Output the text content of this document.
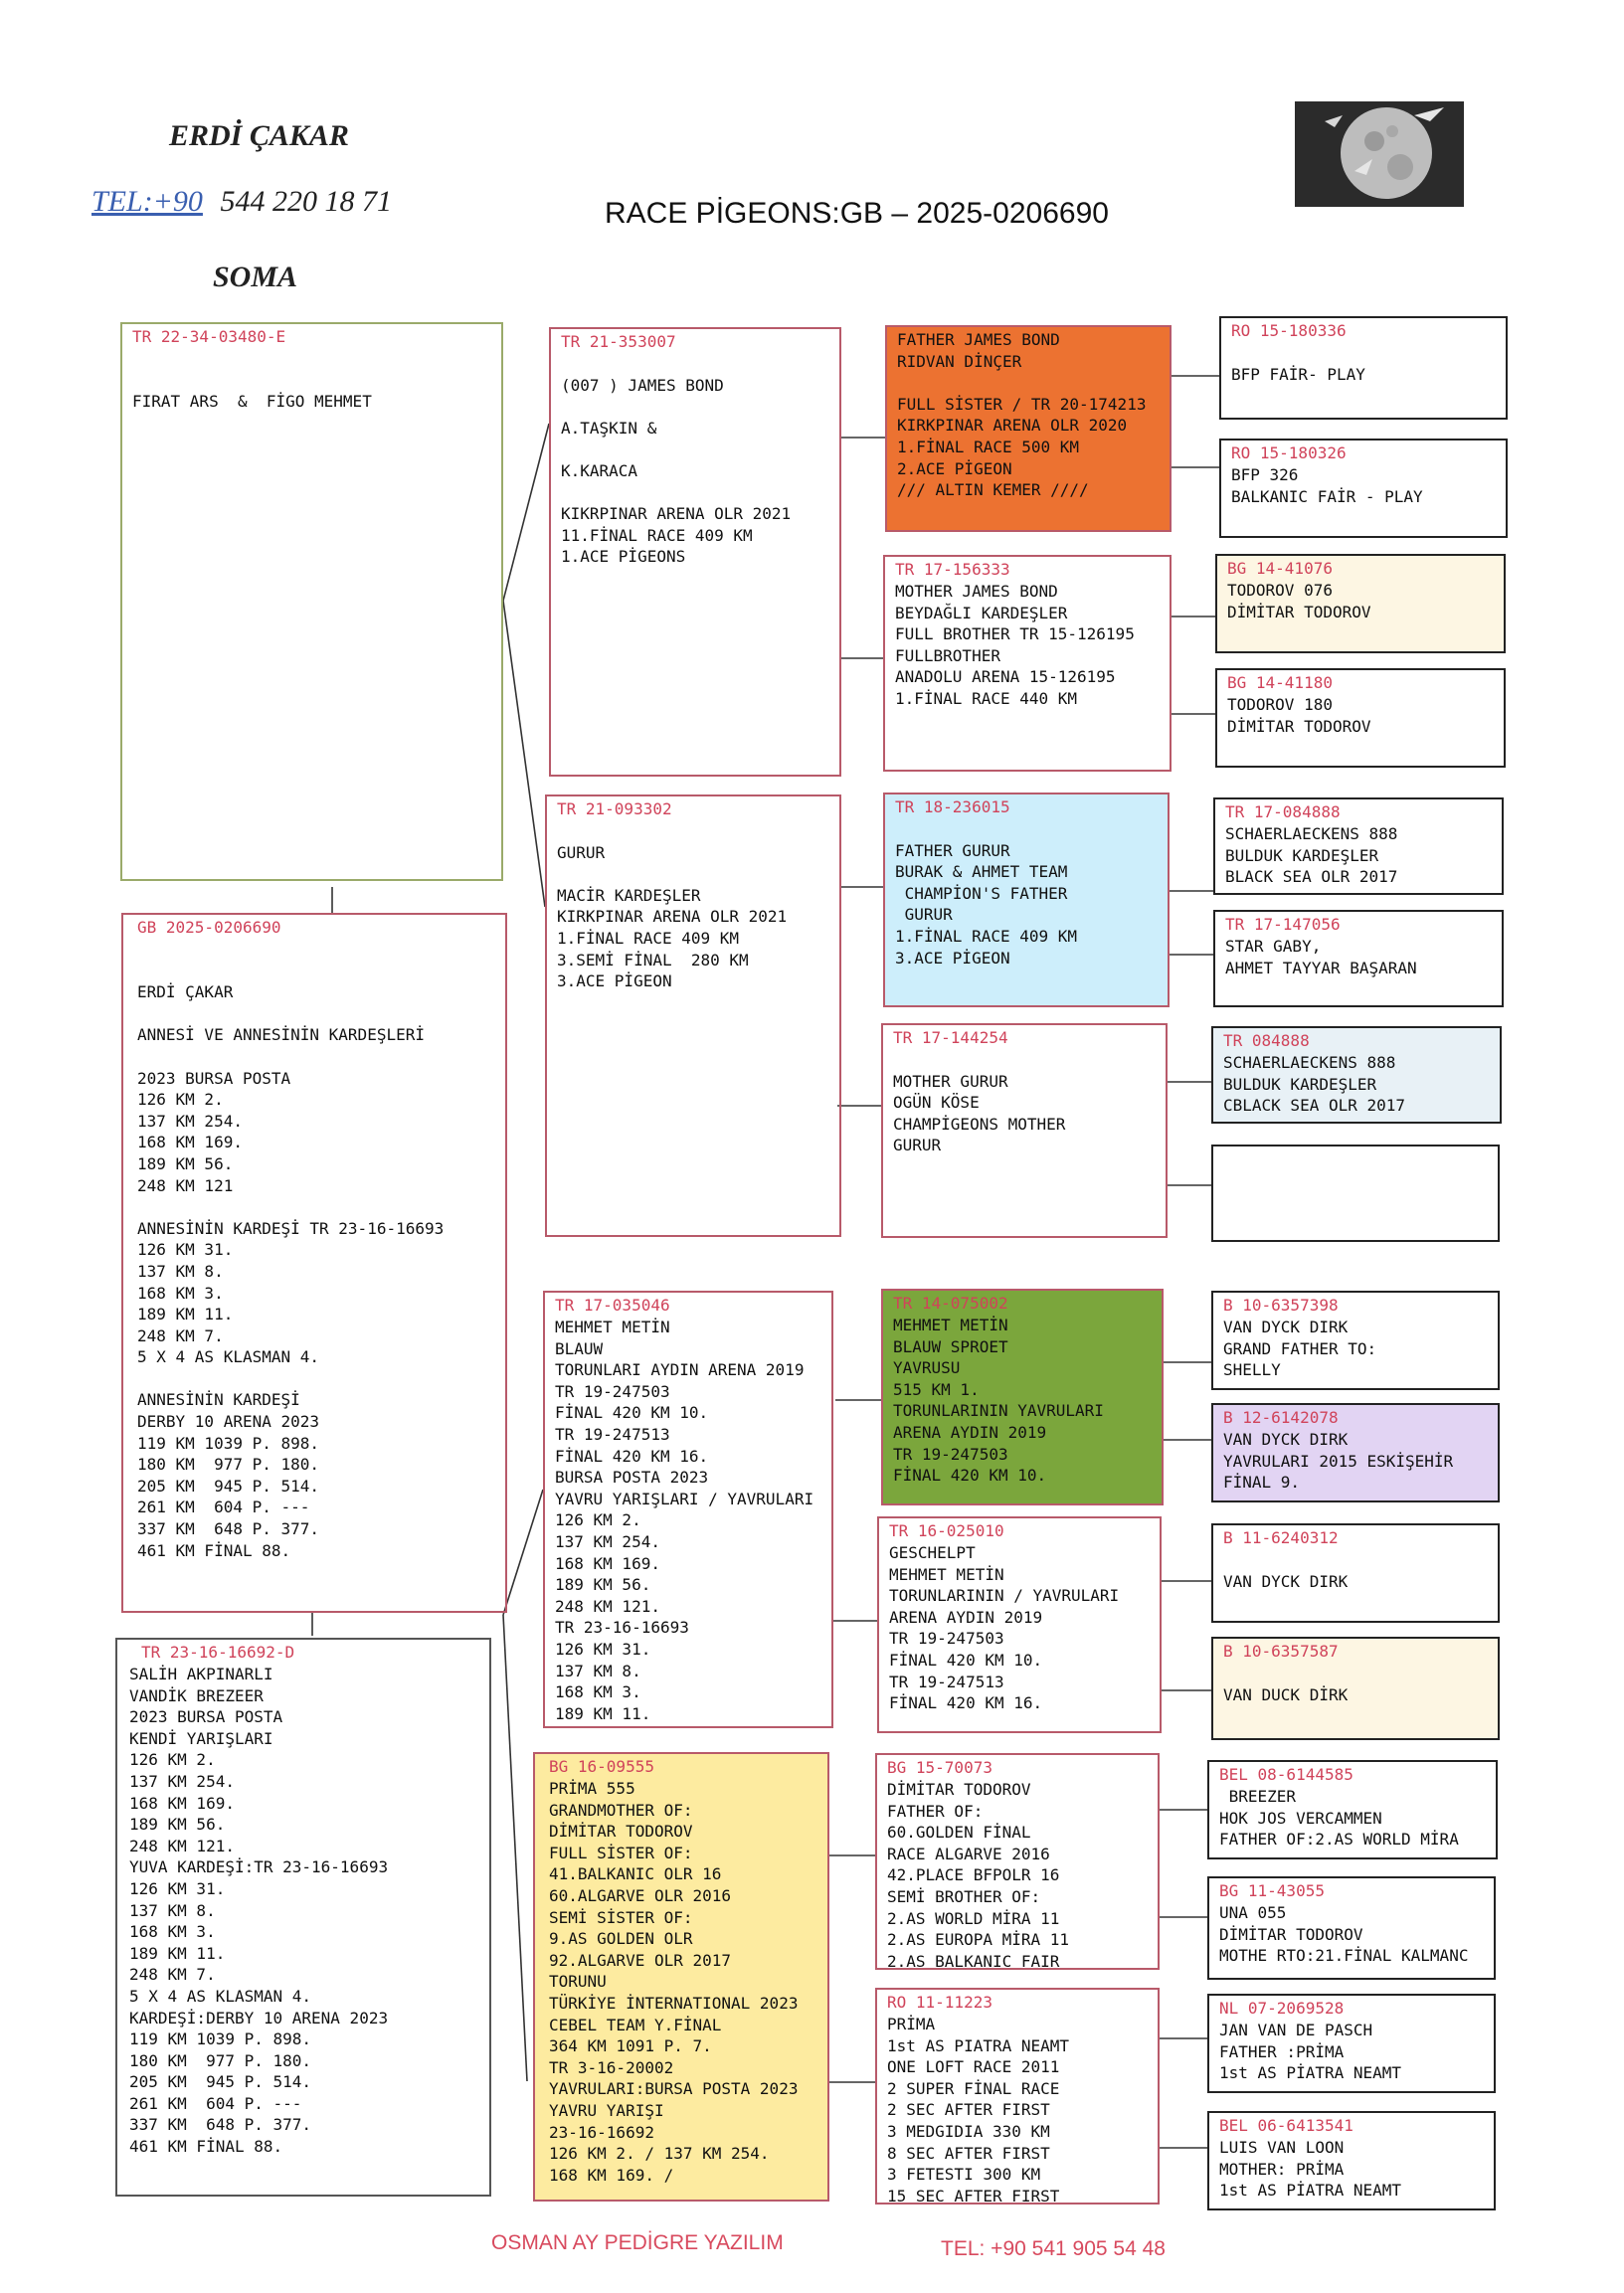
ERDİ ÇAKAR
TEL:+90 544 220 18 71
SOMA
RACE PİGEONS:GB – 2025-0206690
TR 22-34-03480-E

FIRAT ARS  &  FİGO MEHMET
GB 2025-0206690

ERDİ ÇAKAR

ANNESİ VE ANNESİNİN KARDEŞLERİ

2023 BURSA POSTA
126 KM 2.
137 KM 254.
168 KM 169.
189 KM 56.
248 KM 121

ANNESİNİN KARDEŞİ TR 23-16-16693
126 KM 31.
137 KM 8.
168 KM 3.
189 KM 11.
248 KM 7.
5 X 4 AS KLASMAN 4.

ANNESİNİN KARDEŞİ
DERBY 10 ARENA 2023
119 KM 1039 P. 898.
180 KM  977 P. 180.
205 KM  945 P. 514.
261 KM  604 P. ---
337 KM  648 P. 377.
461 KM FİNAL 88.
TR 23-16-16692-D
SALİH AKPINARLI
VANDİK BREZEER
2023 BURSA POSTA
KENDİ YARIŞLARI
126 KM 2.
137 KM 254.
168 KM 169.
189 KM 56.
248 KM 121.
YUVA KARDEŞİ:TR 23-16-16693
126 KM 31.
137 KM 8.
168 KM 3.
189 KM 11.
248 KM 7.
5 X 4 AS KLASMAN 4.
KARDEŞİ:DERBY 10 ARENA 2023
119 KM 1039 P. 898.
180 KM  977 P. 180.
205 KM  945 P. 514.
261 KM  604 P. ---
337 KM  648 P. 377.
461 KM FİNAL 88.
TR 21-353007

(007 ) JAMES BOND

A.TAŞKIN &

K.KARACA

KIKRPINAR ARENA OLR 2021
11.FİNAL RACE 409 KM
1.ACE PİGEONS
TR 21-093302

GURUR

MACİR KARDEŞLER
KIRKPINAR ARENA OLR 2021
1.FİNAL RACE 409 KM
3.SEMİ FİNAL  280 KM
3.ACE PİGEON
TR 17-035046
MEHMET METİN
BLAUW
TORUNLARI AYDIN ARENA 2019
TR 19-247503
FİNAL 420 KM 10.
TR 19-247513
FİNAL 420 KM 16.
BURSA POSTA 2023
YAVRU YARIŞLARI / YAVRULARI
126 KM 2.
137 KM 254.
168 KM 169.
189 KM 56.
248 KM 121.
TR 23-16-16693
126 KM 31.
137 KM 8.
168 KM 3.
189 KM 11.
BG 16-09555
PRİMA 555
GRANDMOTHER OF:
DİMİTAR TODOROV
FULL SİSTER OF:
41.BALKANIC OLR 16
60.ALGARVE OLR 2016
SEMİ SİSTER OF:
9.AS GOLDEN OLR
92.ALGARVE OLR 2017
TORUNU
TÜRKİYE İNTERNATIONAL 2023
CEBEL TEAM Y.FİNAL
364 KM 1091 P. 7.
TR 3-16-20002
YAVRULARI:BURSA POSTA 2023
YAVRU YARIŞI
23-16-16692
126 KM 2. / 137 KM 254.
168 KM 169. /
FATHER JAMES BOND
RIDVAN DİNÇER

FULL SİSTER / TR 20-174213
KIRKPINAR ARENA OLR 2020
1.FİNAL RACE 500 KM
2.ACE PİGEON
/// ALTIN KEMER ////
TR 17-156333
MOTHER JAMES BOND
BEYDAĞLI KARDEŞLER
FULL BROTHER TR 15-126195
FULLBROTHER
ANADOLU ARENA 15-126195
1.FİNAL RACE 440 KM
TR 18-236015

FATHER GURUR
BURAK & AHMET TEAM
CHAMPİON'S FATHER
GURUR
1.FİNAL RACE 409 KM
3.ACE PİGEON
TR 17-144254

MOTHER GURUR
OGÜN KÖSE
CHAMPİGEONS MOTHER
GURUR
TR 14-075002
MEHMET METİN
BLAUW SPROET
YAVRUSU
515 KM 1.
TORUNLARININ YAVRULARI
ARENA AYDIN 2019
TR 19-247503
FİNAL 420 KM 10.
TR 16-025010
GESCHELPT
MEHMET METİN
TORUNLARININ / YAVRULARI
ARENA AYDIN 2019
TR 19-247503
FİNAL 420 KM 10.
TR 19-247513
FİNAL 420 KM 16.
BG 15-70073
DİMİTAR TODOROV
FATHER OF:
60.GOLDEN FİNAL
RACE ALGARVE 2016
42.PLACE BFPOLR 16
SEMİ BROTHER OF:
2.AS WORLD MİRA 11
2.AS EUROPA MİRA 11
2.AS BALKANIC FAIR
RO 11-11223
PRİMA
1st AS PIATRA NEAMT
ONE LOFT RACE 2011
2 SUPER FİNAL RACE
2 SEC AFTER FIRST
3 MEDGIDIA 330 KM
8 SEC AFTER FIRST
3 FETESTI 300 KM
15 SEC AFTER FIRST
RO 15-180336

BFP FAİR- PLAY
RO 15-180326
BFP 326
BALKANIC FAİR - PLAY
BG 14-41076
TODOROV 076
DİMİTAR TODOROV
BG 14-41180
TODOROV 180
DİMİTAR TODOROV
TR 17-084888
SCHAERLAECKENS 888
BULDUK KARDEŞLER
BLACK SEA OLR 2017
TR 17-147056
STAR GABY,
AHMET TAYYAR BAŞARAN
TR 084888
SCHAERLAECKENS 888
BULDUK KARDEŞLER
CBLACK SEA OLR 2017
B 10-6357398
VAN DYCK DIRK
GRAND FATHER TO:
SHELLY
B 12-6142078
VAN DYCK DIRK
YAVRULARI 2015 ESKİŞEHİR
FİNAL 9.
B 11-6240312

VAN DYCK DIRK
B 10-6357587

VAN DUCK DİRK
BEL 08-6144585
BREEZER
HOK JOS VERCAMMEN
FATHER OF:2.AS WORLD MİRA
BG 11-43055
UNA 055
DİMİTAR TODOROV
MOTHE RTO:21.FİNAL KALMANC
NL 07-2069528
JAN VAN DE PASCH
FATHER :PRİMA
1st AS PİATRA NEAMT
BEL 06-6413541
LUIS VAN LOON
MOTHER: PRİMA
1st AS PİATRA NEAMT
OSMAN AY PEDİGRE YAZILIM	TEL: +90 541 905 54 48
